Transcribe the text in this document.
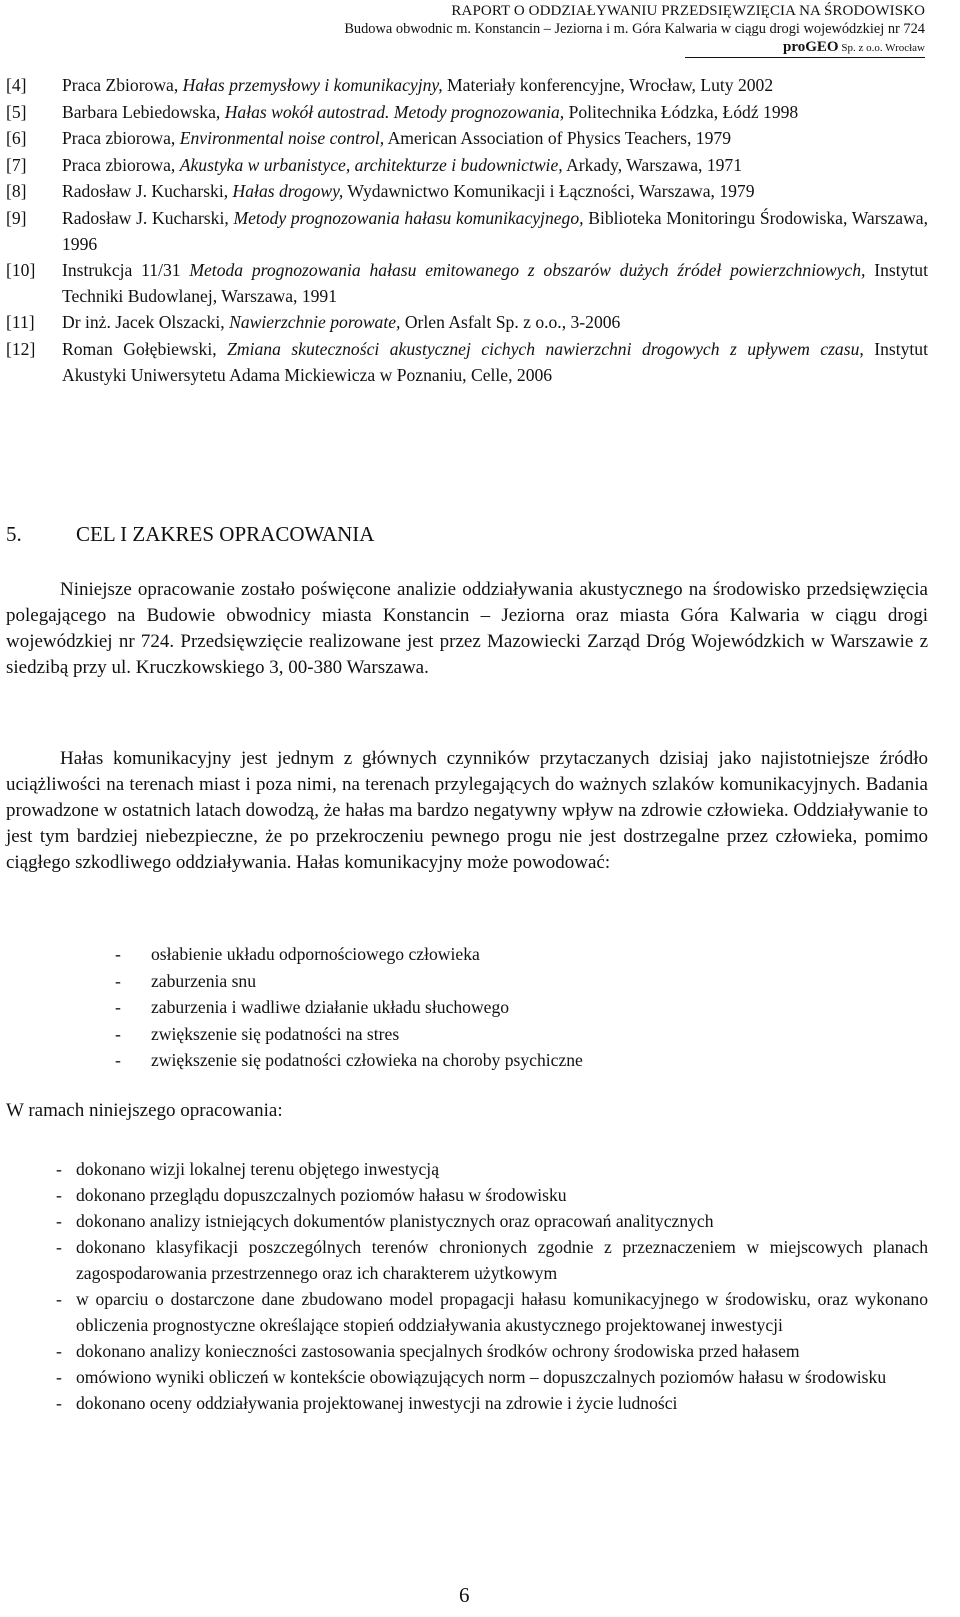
RAPORT O ODDZIAŁYWANIU PRZEDSIĘWZIĘCIA NA ŚRODOWISKO
Budowa obwodnic m. Konstancin – Jeziorna i m. Góra Kalwaria w ciągu drogi wojewódzkiej nr 724
proGEO Sp. z o.o. Wrocław
[4]	Praca Zbiorowa, Hałas przemysłowy i komunikacyjny, Materiały konferencyjne, Wrocław, Luty 2002
[5]	Barbara Lebiedowska, Hałas wokół autostrad. Metody prognozowania, Politechnika Łódzka, Łódź 1998
[6]	Praca zbiorowa, Environmental noise control, American Association of Physics Teachers, 1979
[7]	Praca zbiorowa, Akustyka w urbanistyce, architekturze i budownictwie, Arkady, Warszawa, 1971
[8]	Radosław J. Kucharski, Hałas drogowy, Wydawnictwo Komunikacji i Łączności, Warszawa, 1979
[9]	Radosław J. Kucharski, Metody prognozowania hałasu komunikacyjnego, Biblioteka Monitoringu Środowiska, Warszawa, 1996
[10]	Instrukcja 11/31 Metoda prognozowania hałasu emitowanego z obszarów dużych źródeł powierzchniowych, Instytut Techniki Budowlanej, Warszawa, 1991
[11]	Dr inż. Jacek Olszacki, Nawierzchnie porowate, Orlen Asfalt Sp. z o.o., 3-2006
[12]	Roman Gołębiewski, Zmiana skuteczności akustycznej cichych nawierzchni drogowych z upływem czasu, Instytut Akustyki Uniwersytetu Adama Mickiewicza w Poznaniu, Celle, 2006
5.	CEL I ZAKRES OPRACOWANIA

Niniejsze opracowanie zostało poświęcone analizie oddziaływania akustycznego na środowisko przedsięwzięcia polegającego na Budowie obwodnicy miasta Konstancin – Jeziorna oraz miasta Góra Kalwaria w ciągu drogi wojewódzkiej nr 724. Przedsięwzięcie realizowane jest przez Mazowiecki Zarząd Dróg Wojewódzkich w Warszawie z siedzibą przy ul. Kruczkowskiego 3, 00-380 Warszawa.

Hałas komunikacyjny jest jednym z głównych czynników przytaczanych dzisiaj jako najistotniejsze źródło uciążliwości na terenach miast i poza nimi, na terenach przylegających do ważnych szlaków komunikacyjnych. Badania prowadzone w ostatnich latach dowodzą, że hałas ma bardzo negatywny wpływ na zdrowie człowieka. Oddziaływanie to jest tym bardziej niebezpieczne, że po przekroczeniu pewnego progu nie jest dostrzegalne przez człowieka, pomimo ciągłego szkodliwego oddziaływania. Hałas komunikacyjny może powodować:

-	osłabienie układu odpornościowego człowieka
-	zaburzenia snu
-	zaburzenia i wadliwe działanie układu słuchowego
-	zwiększenie się podatności na stres
-	zwiększenie się podatności człowieka na choroby psychiczne

W ramach niniejszego opracowania:

- dokonano wizji lokalnej terenu objętego inwestycją
- dokonano przeglądu dopuszczalnych poziomów hałasu w środowisku
- dokonano analizy istniejących dokumentów planistycznych oraz opracowań analitycznych
- dokonano klasyfikacji poszczególnych terenów chronionych zgodnie z przeznaczeniem w miejscowych planach zagospodarowania przestrzennego oraz ich charakterem użytkowym
- w oparciu o dostarczone dane zbudowano model propagacji hałasu komunikacyjnego w środowisku, oraz wykonano obliczenia prognostyczne określające stopień oddziaływania akustycznego projektowanej inwestycji
- dokonano analizy konieczności zastosowania specjalnych środków ochrony środowiska przed hałasem
- omówiono wyniki obliczeń w kontekście obowiązujących norm – dopuszczalnych poziomów hałasu w środowisku
- dokonano oceny oddziaływania projektowanej inwestycji na zdrowie i życie ludności
6
